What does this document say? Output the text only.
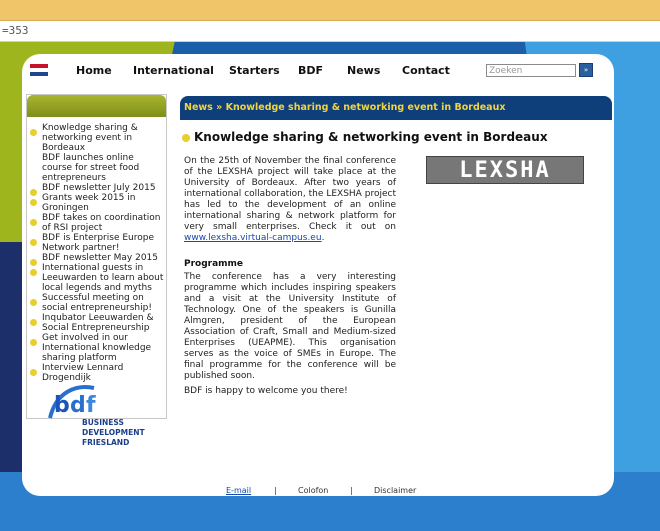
=353
Home International Starters BDF News Contact
Zoeken	»
Knowledge sharing & networking event in Bordeaux
BDF launches online course for street food entrepreneurs
BDF newsletter July 2015
Grants week 2015 in Groningen
BDF takes on coordination of RSI project
BDF is Enterprise Europe Network partner!
BDF newsletter May 2015
International guests in Leeuwarden to learn about local legends and myths
Successful meeting on social entrepreneurship!
Inqubator Leeuwarden & Social Entrepreneurship
Get involved in our International knowledge sharing platform
Interview Lennard Drogendijk
b d f
BUSINESS
DEVELOPMENT
FRIESLAND
News » Knowledge sharing & networking event in Bordeaux
Knowledge sharing & networking event in Bordeaux

On the 25th of November the final conference of the LEXSHA project will take place at the University of Bordeaux. After two years of international collaboration, the LEXSHA project has led to the development of an online international sharing & network platform for very small enterprises. Check it out on www.lexsha.virtual-campus.eu.

LEXSHA
Programme

The conference has a very interesting programme which includes inspiring speakers and a visit at the University Institute of Technology. One of the speakers is Gunilla Almgren, president of the European Association of Craft, Small and Medium-sized Enterprises (UEAPME). This organisation serves as the voice of SMEs in Europe. The final programme for the conference will be published soon.

BDF is happy to welcome you there!

E-mail	|	Colofon	|	Disclaimer
